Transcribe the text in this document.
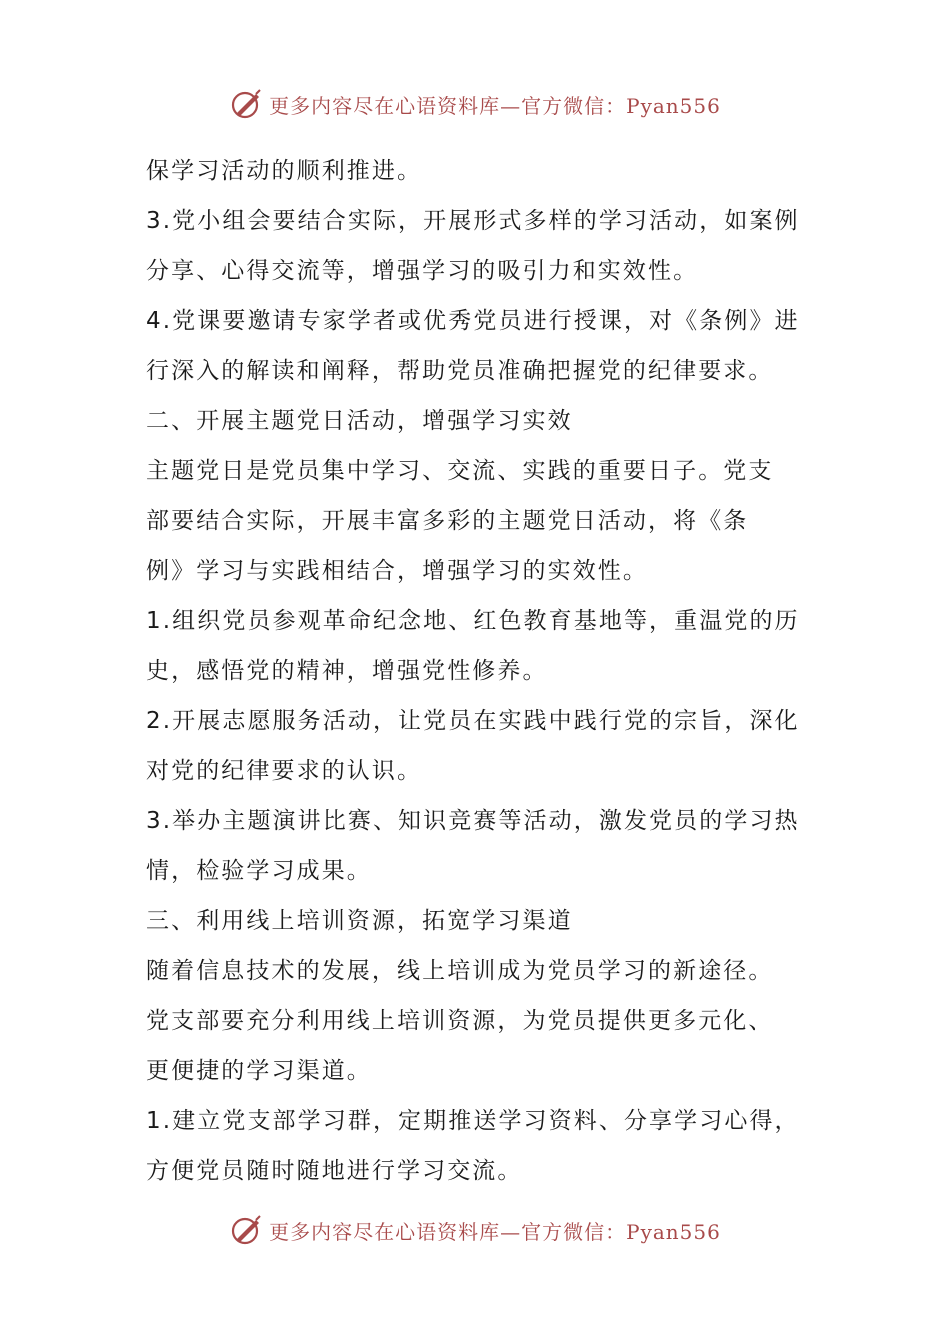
更多内容尽在心语资料库—官方微信：Pyan556
保学习活动的顺利推进。
3.党小组会要结合实际，开展形式多样的学习活动，如案例
分享、心得交流等，增强学习的吸引力和实效性。
4.党课要邀请专家学者或优秀党员进行授课，对《条例》进
行深入的解读和阐释，帮助党员准确把握党的纪律要求。
二、开展主题党日活动，增强学习实效
主题党日是党员集中学习、交流、实践的重要日子。党支
部要结合实际，开展丰富多彩的主题党日活动，将《条
例》学习与实践相结合，增强学习的实效性。
1.组织党员参观革命纪念地、红色教育基地等，重温党的历
史，感悟党的精神，增强党性修养。
2.开展志愿服务活动，让党员在实践中践行党的宗旨，深化
对党的纪律要求的认识。
3.举办主题演讲比赛、知识竞赛等活动，激发党员的学习热
情，检验学习成果。
三、利用线上培训资源，拓宽学习渠道
随着信息技术的发展，线上培训成为党员学习的新途径。
党支部要充分利用线上培训资源，为党员提供更多元化、
更便捷的学习渠道。
1.建立党支部学习群，定期推送学习资料、分享学习心得，
方便党员随时随地进行学习交流。
更多内容尽在心语资料库—官方微信：Pyan556
